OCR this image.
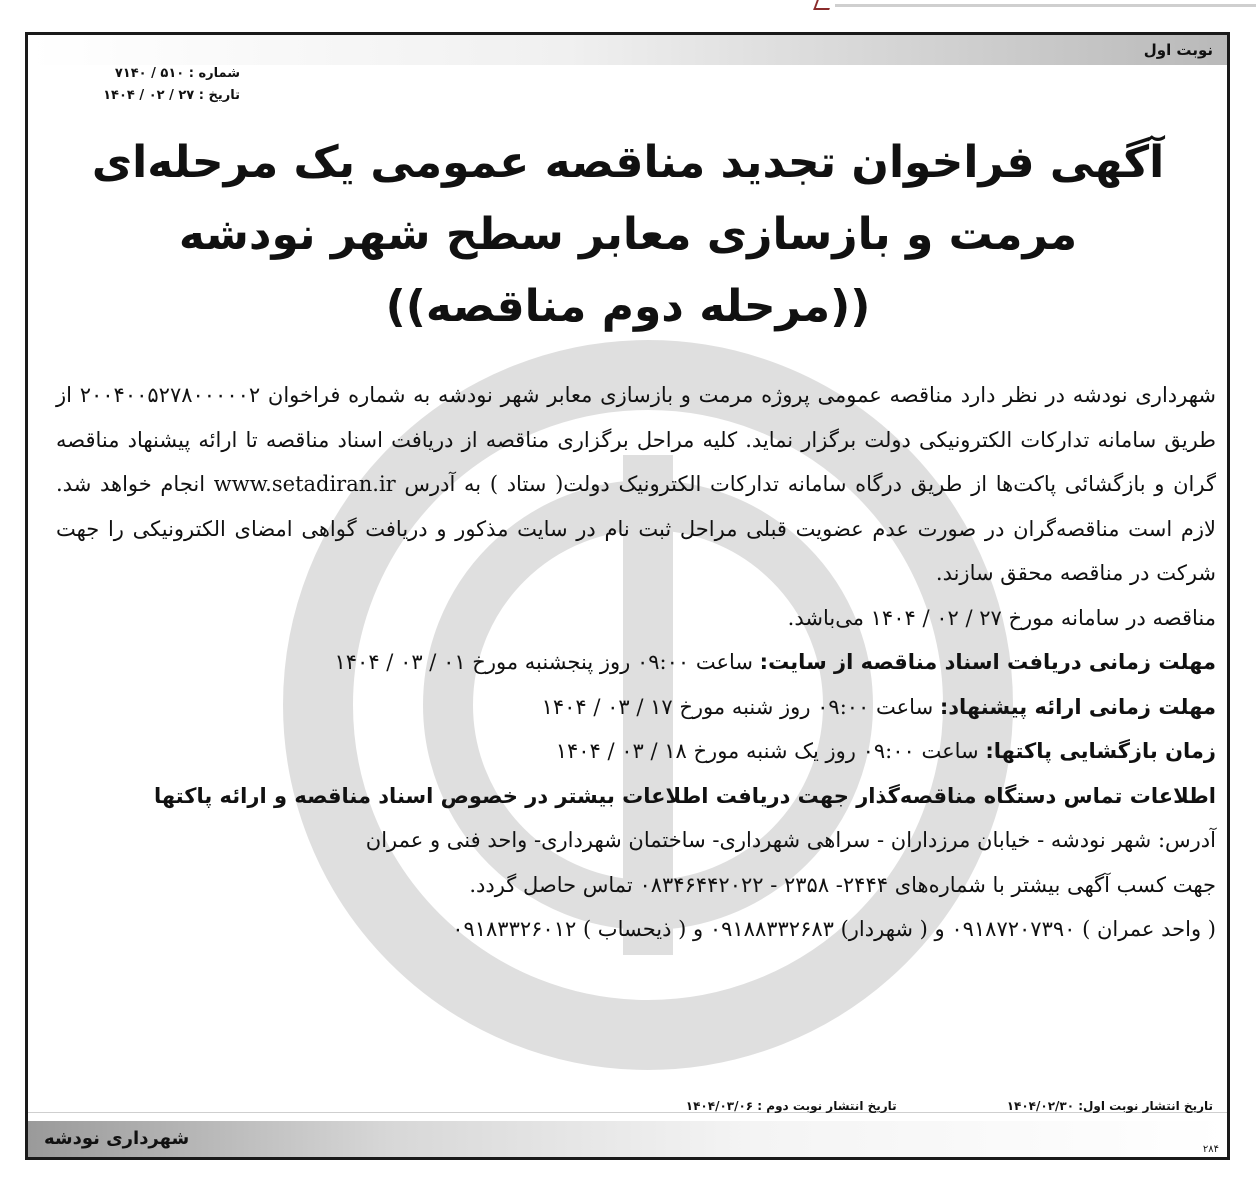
نوبت اول
شماره : ۵۱۰ / ۷۱۴۰
تاریخ : ۲۷ / ۰۲ / ۱۴۰۴
آگهی فراخوان تجدید مناقصه عمومی یک مرحله‌ای
مرمت و بازسازی معابر سطح شهر نودشه
((مرحله دوم مناقصه))

شهرداری نودشه در نظر دارد مناقصه عمومی پروژه مرمت و بازسازی معابر شهر نودشه به شماره فراخوان ۲۰۰۴۰۰۵۲۷۸۰۰۰۰۰۲ از طریق سامانه تدارکات الکترونیکی دولت برگزار نماید. کلیه مراحل برگزاری مناقصه از دریافت اسناد مناقصه تا ارائه پیشنهاد مناقصه گران و بازگشائی پاکت‌ها از طریق درگاه سامانه تدارکات الکترونیک دولت( ستاد ) به آدرس www.setadiran.ir انجام خواهد شد. لازم است مناقصه‌گران در صورت عدم عضویت قبلی مراحل ثبت نام در سایت مذکور و دریافت گواهی امضای الکترونیکی را جهت شرکت در مناقصه محقق سازند.

مناقصه در سامانه مورخ ۲۷ / ۰۲ / ۱۴۰۴ می‌باشد.

مهلت زمانی دریافت اسناد مناقصه از سایت: ساعت ۰۹:۰۰ روز پنجشنبه مورخ ۰۱ / ۰۳ / ۱۴۰۴

مهلت زمانی ارائه پیشنهاد: ساعت ۰۹:۰۰ روز شنبه مورخ ۱۷ / ۰۳ / ۱۴۰۴

زمان بازگشایی پاکتها: ساعت ۰۹:۰۰ روز یک شنبه مورخ ۱۸ / ۰۳ / ۱۴۰۴

اطلاعات تماس دستگاه مناقصه‌گذار جهت دریافت اطلاعات بیشتر در خصوص اسناد مناقصه و ارائه پاکتها

آدرس: شهر نودشه - خیابان مرزداران - سراهی شهرداری- ساختمان شهرداری- واحد فنی و عمران

جهت کسب آگهی بیشتر با شماره‌های ۲۴۴۴- ۲۳۵۸ - ۰۸۳۴۶۴۴۲۰۲۲ تماس حاصل گردد.

( واحد عمران ) ۰۹۱۸۷۲۰۷۳۹۰ و ( شهردار) ۰۹۱۸۸۳۳۲۶۸۳ و ( ذیحساب ) ۰۹۱۸۳۳۲۶۰۱۲

تاریخ انتشار نوبت اول: ۱۴۰۴/۰۲/۳۰
تاریخ انتشار نوبت دوم : ۱۴۰۴/۰۳/۰۶
شهرداری نودشه
۲۸۴
